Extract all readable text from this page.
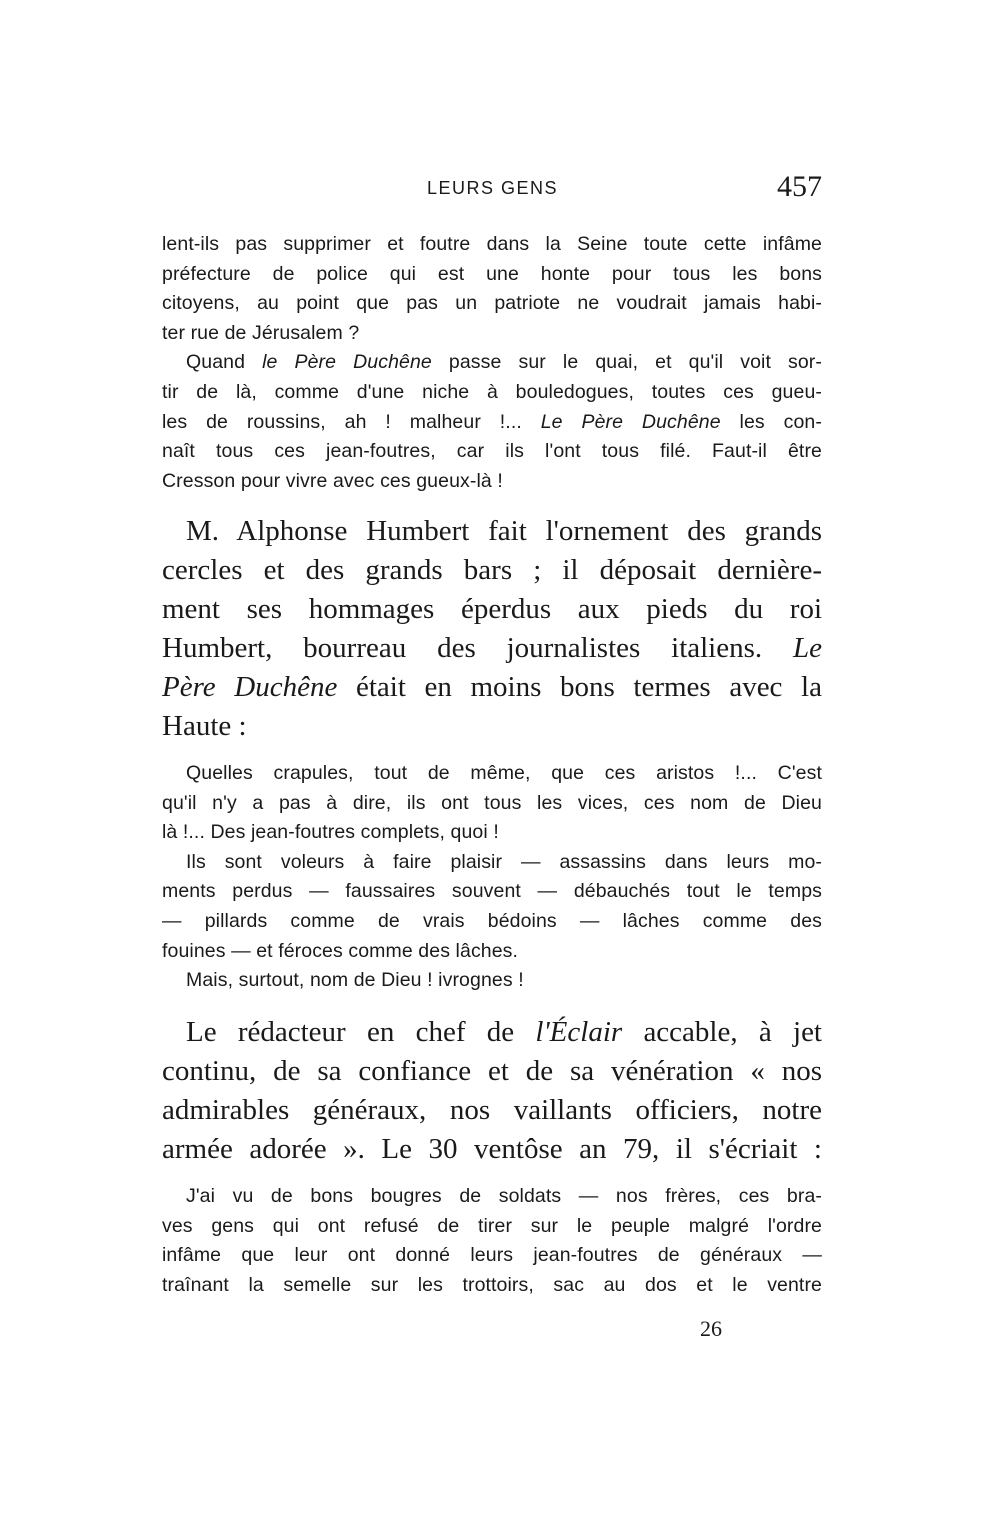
LEURS GENS	457
lent-ils pas supprimer et foutre dans la Seine toute cette infâme
préfecture de police qui est une honte pour tous les bons
citoyens, au point que pas un patriote ne voudrait jamais habi-
ter rue de Jérusalem ?
Quand le Père Duchêne passe sur le quai, et qu'il voit sor-
tir de là, comme d'une niche à bouledogues, toutes ces gueu-
les de roussins, ah ! malheur !... Le Père Duchêne les con-
naît tous ces jean-foutres, car ils l'ont tous filé. Faut-il être
Cresson pour vivre avec ces gueux-là !
M. Alphonse Humbert fait l'ornement des grands
cercles et des grands bars ; il déposait dernière-
ment ses hommages éperdus aux pieds du roi
Humbert, bourreau des journalistes italiens. Le
Père Duchêne était en moins bons termes avec la
Haute :
Quelles crapules, tout de même, que ces aristos !... C'est
qu'il n'y a pas à dire, ils ont tous les vices, ces nom de Dieu
là !... Des jean-foutres complets, quoi !
Ils sont voleurs à faire plaisir — assassins dans leurs mo-
ments perdus — faussaires souvent — débauchés tout le temps
— pillards comme de vrais bédoins — lâches comme des
fouines — et féroces comme des lâches.
Mais, surtout, nom de Dieu ! ivrognes !
Le rédacteur en chef de l'Éclair accable, à jet
continu, de sa confiance et de sa vénération « nos
admirables généraux, nos vaillants officiers, notre
armée adorée ». Le 30 ventôse an 79, il s'écriait :
J'ai vu de bons bougres de soldats — nos frères, ces bra-
ves gens qui ont refusé de tirer sur le peuple malgré l'ordre
infâme que leur ont donné leurs jean-foutres de généraux —
traînant la semelle sur les trottoirs, sac au dos et le ventre
26
